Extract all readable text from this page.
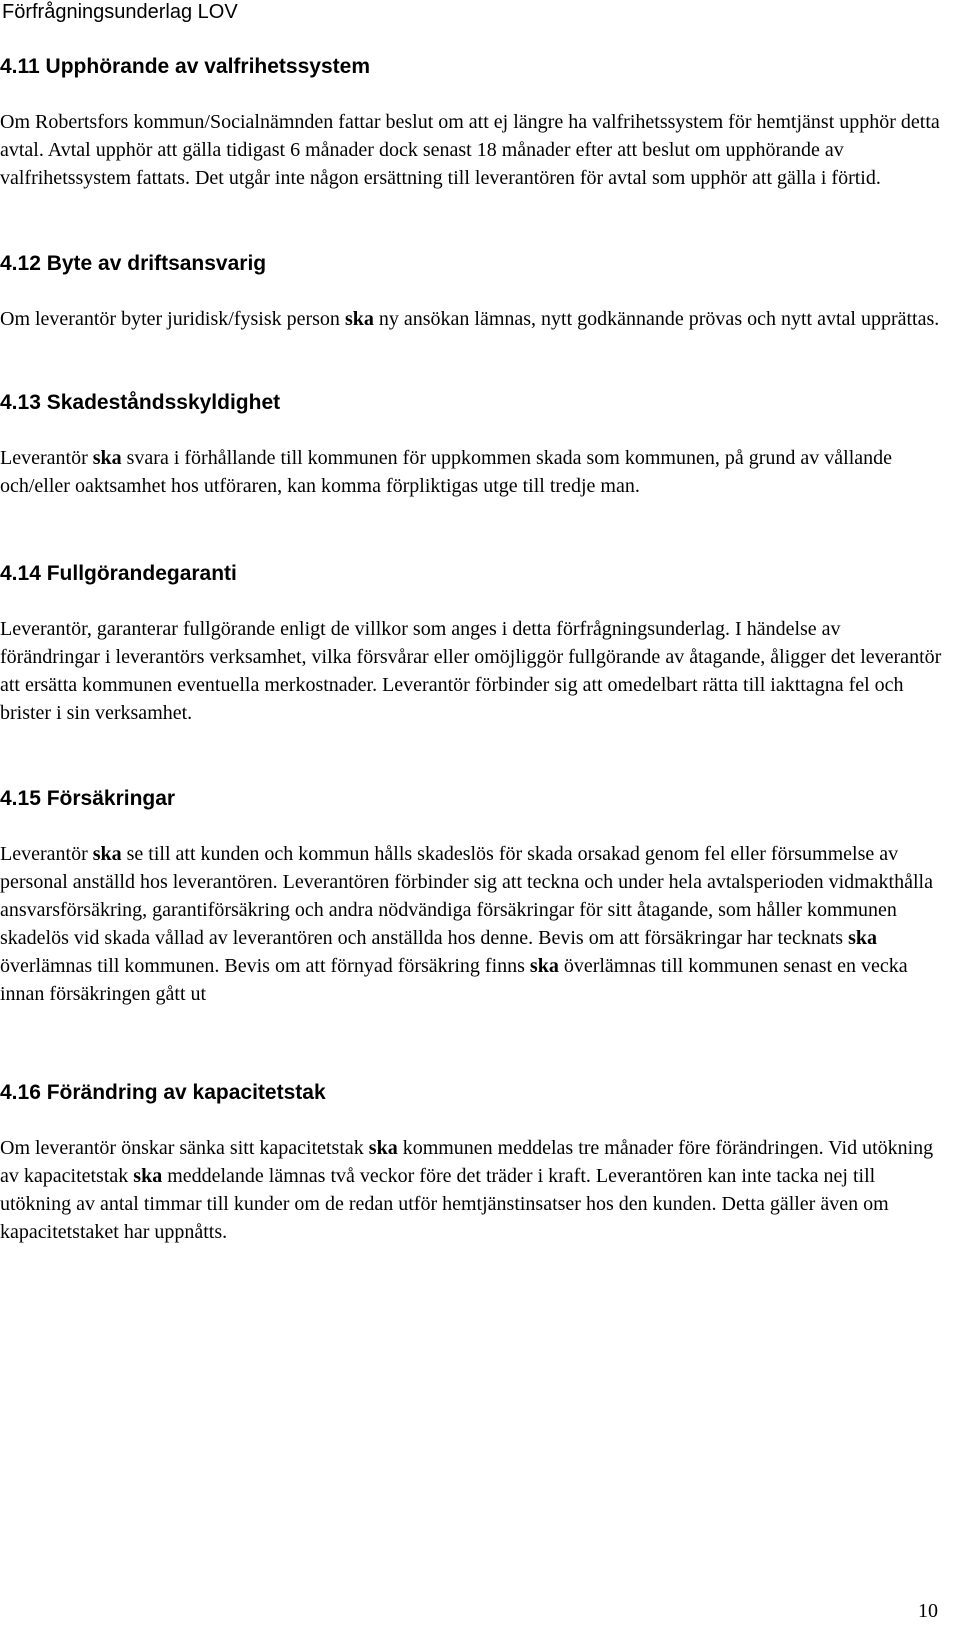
Förfrågningsunderlag LOV
4.11 Upphörande av valfrihetssystem

Om Robertsfors kommun/Socialnämnden fattar beslut om att ej längre ha valfrihetssystem för hemtjänst upphör detta avtal. Avtal upphör att gälla tidigast 6 månader dock senast 18 månader efter att beslut om upphörande av valfrihetssystem fattats. Det utgår inte någon ersättning till leverantören för avtal som upphör att gälla i förtid.

4.12 Byte av driftsansvarig

Om leverantör byter juridisk/fysisk person ska ny ansökan lämnas, nytt godkännande prövas och nytt avtal upprättas.

4.13 Skadeståndsskyldighet

Leverantör ska svara i förhållande till kommunen för uppkommen skada som kommunen, på grund av vållande och/eller oaktsamhet hos utföraren, kan komma förpliktigas utge till tredje man.

4.14 Fullgörandegaranti

Leverantör, garanterar fullgörande enligt de villkor som anges i detta förfrågningsunderlag. I händelse av förändringar i leverantörs verksamhet, vilka försvårar eller omöjliggör fullgörande av åtagande, åligger det leverantör att ersätta kommunen eventuella merkostnader. Leverantör förbinder sig att omedelbart rätta till iakttagna fel och brister i sin verksamhet.

4.15 Försäkringar

Leverantör ska se till att kunden och kommun hålls skadeslös för skada orsakad genom fel eller försummelse av personal anställd hos leverantören. Leverantören förbinder sig att teckna och under hela avtalsperioden vidmakthålla ansvarsförsäkring, garantiförsäkring och andra nödvändiga försäkringar för sitt åtagande, som håller kommunen skadelös vid skada vållad av leverantören och anställda hos denne. Bevis om att försäkringar har tecknats ska överlämnas till kommunen. Bevis om att förnyad försäkring finns ska överlämnas till kommunen senast en vecka innan försäkringen gått ut

4.16 Förändring av kapacitetstak

Om leverantör önskar sänka sitt kapacitetstak ska kommunen meddelas tre månader före förändringen. Vid utökning av kapacitetstak ska meddelande lämnas två veckor före det träder i kraft. Leverantören kan inte tacka nej till utökning av antal timmar till kunder om de redan utför hemtjänstinsatser hos den kunden. Detta gäller även om kapacitetstaket har uppnåtts.

10
